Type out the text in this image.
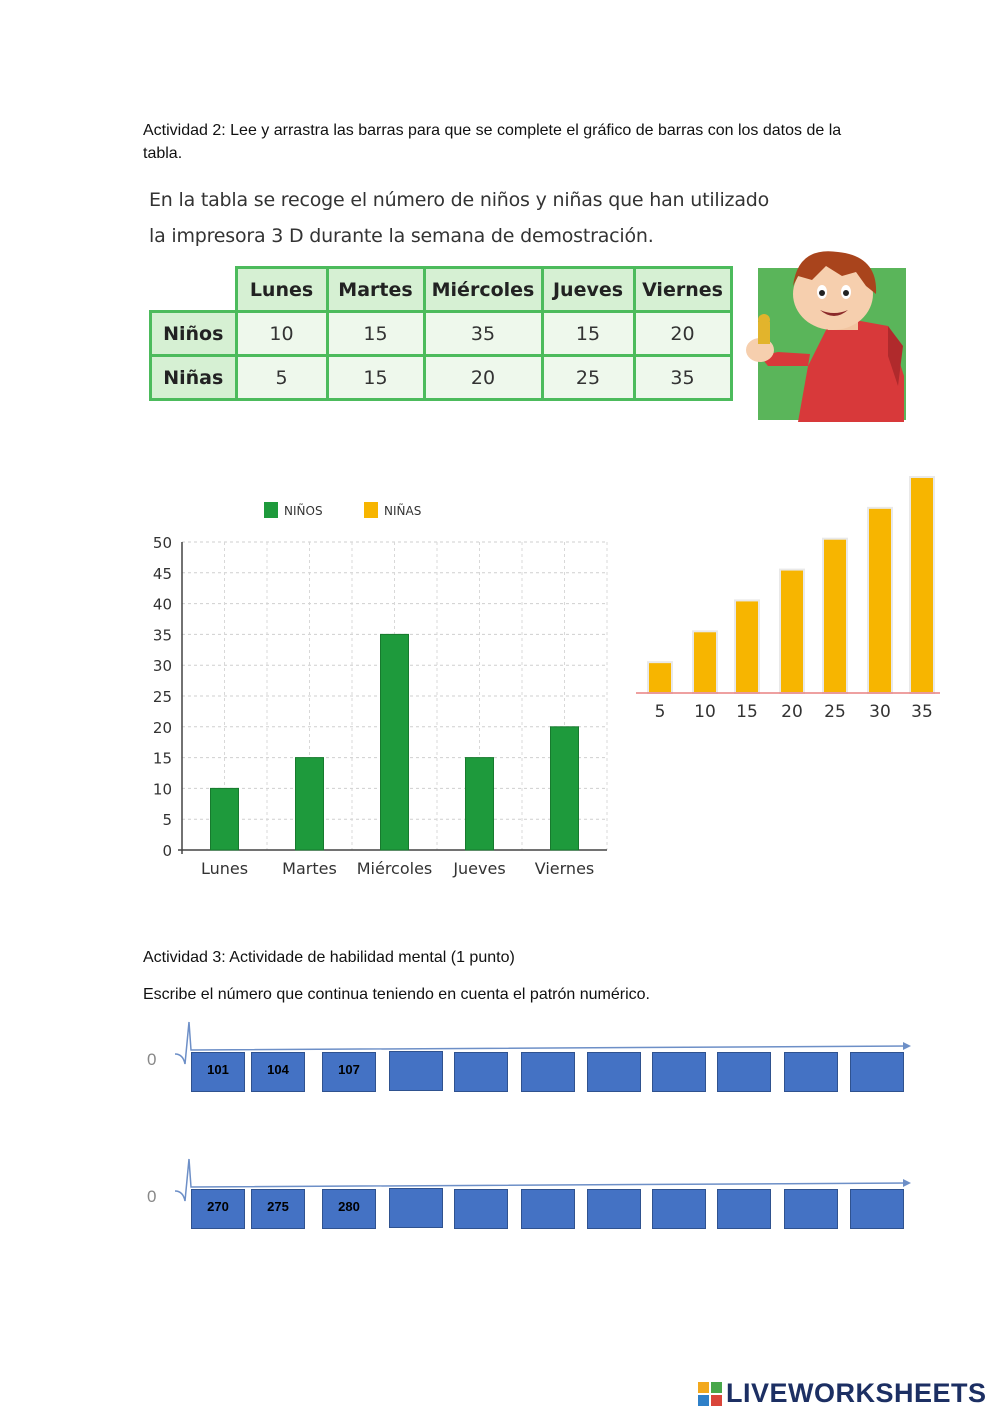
Actividad 2: Lee y arrastra las barras para que se complete el gráfico de barras con los datos de la tabla.
En la tabla se recoge el número de niños y niñas que han utilizado
la impresora 3 D durante la semana de demostración.
	Lunes	Martes	Miércoles	Jueves	Viernes
Niños	10	15	35	15	20
Niñas	5	15	20	25	35
0
5
10
15
20
25
30
35
40
45
50
Lunes Martes Miércoles Jueves Viernes
NIÑOS	NIÑAS
5 10 15 20 25 30 35
Actividad 3: Actividade de habilidad mental (1 punto)
Escribe el número que continua teniendo en cuenta el patrón numérico.
0
101	104	107
0
270	275	280
LIVEWORKSHEETS
